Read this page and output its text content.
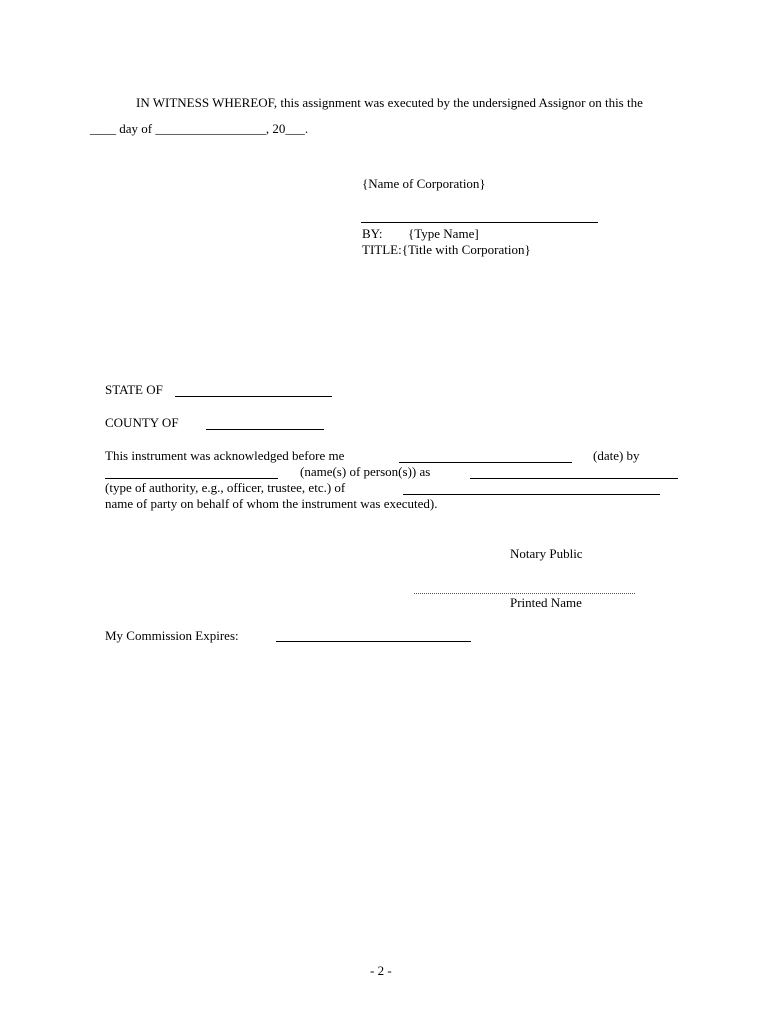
IN WITNESS WHEREOF, this assignment was executed by the undersigned Assignor on this the
____ day of _________________, 20___.
{Name of Corporation}
BY: {Type Name]
TITLE:{Title with Corporation}
STATE OF
COUNTY OF
This instrument was acknowledged before me	(date) by
(name(s) of person(s)) as
(type of authority, e.g., officer, trustee, etc.) of
name of party on behalf of whom the instrument was executed).
Notary Public
Printed Name
My Commission Expires:
- 2 -
